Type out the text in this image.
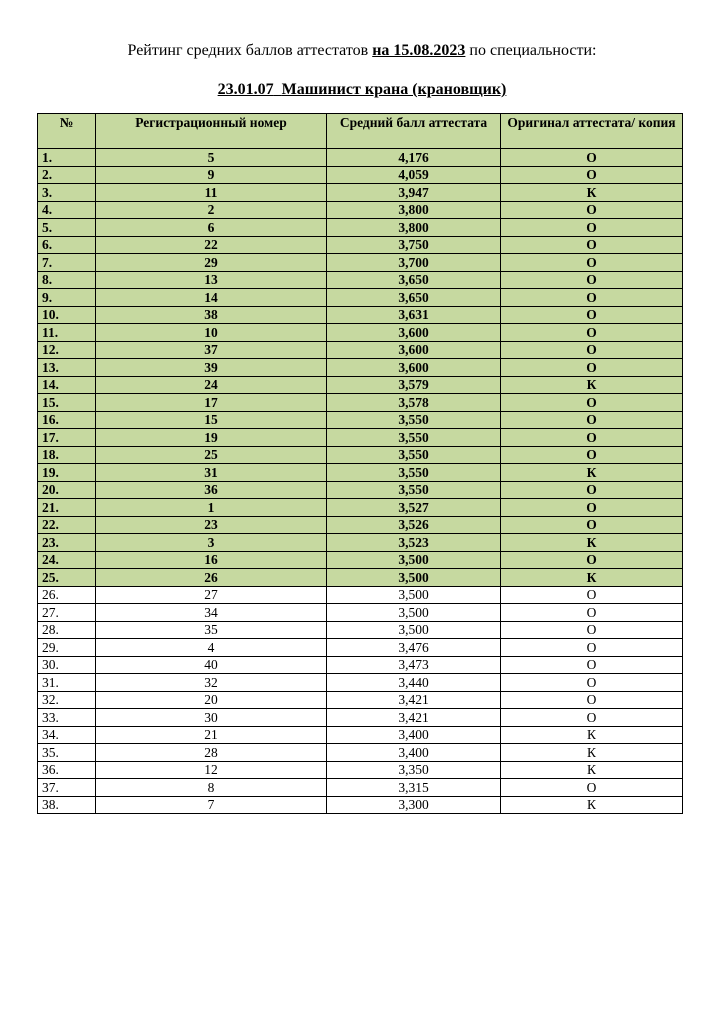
Рейтинг средних баллов аттестатов на 15.08.2023 по специальности:
23.01.07 Машинист крана (крановщик)
№	Регистрационный номер	Средний балл аттестата	Оригинал аттестата/ копия
1.	5	4,176	О
2.	9	4,059	О
3.	11	3,947	К
4.	2	3,800	О
5.	6	3,800	О
6.	22	3,750	О
7.	29	3,700	О
8.	13	3,650	О
9.	14	3,650	О
10.	38	3,631	О
11.	10	3,600	О
12.	37	3,600	О
13.	39	3,600	О
14.	24	3,579	К
15.	17	3,578	О
16.	15	3,550	О
17.	19	3,550	О
18.	25	3,550	О
19.	31	3,550	К
20.	36	3,550	О
21.	1	3,527	О
22.	23	3,526	О
23.	3	3,523	К
24.	16	3,500	О
25.	26	3,500	К
26.	27	3,500	О
27.	34	3,500	О
28.	35	3,500	О
29.	4	3,476	О
30.	40	3,473	О
31.	32	3,440	О
32.	20	3,421	О
33.	30	3,421	О
34.	21	3,400	К
35.	28	3,400	К
36.	12	3,350	К
37.	8	3,315	О
38.	7	3,300	К
